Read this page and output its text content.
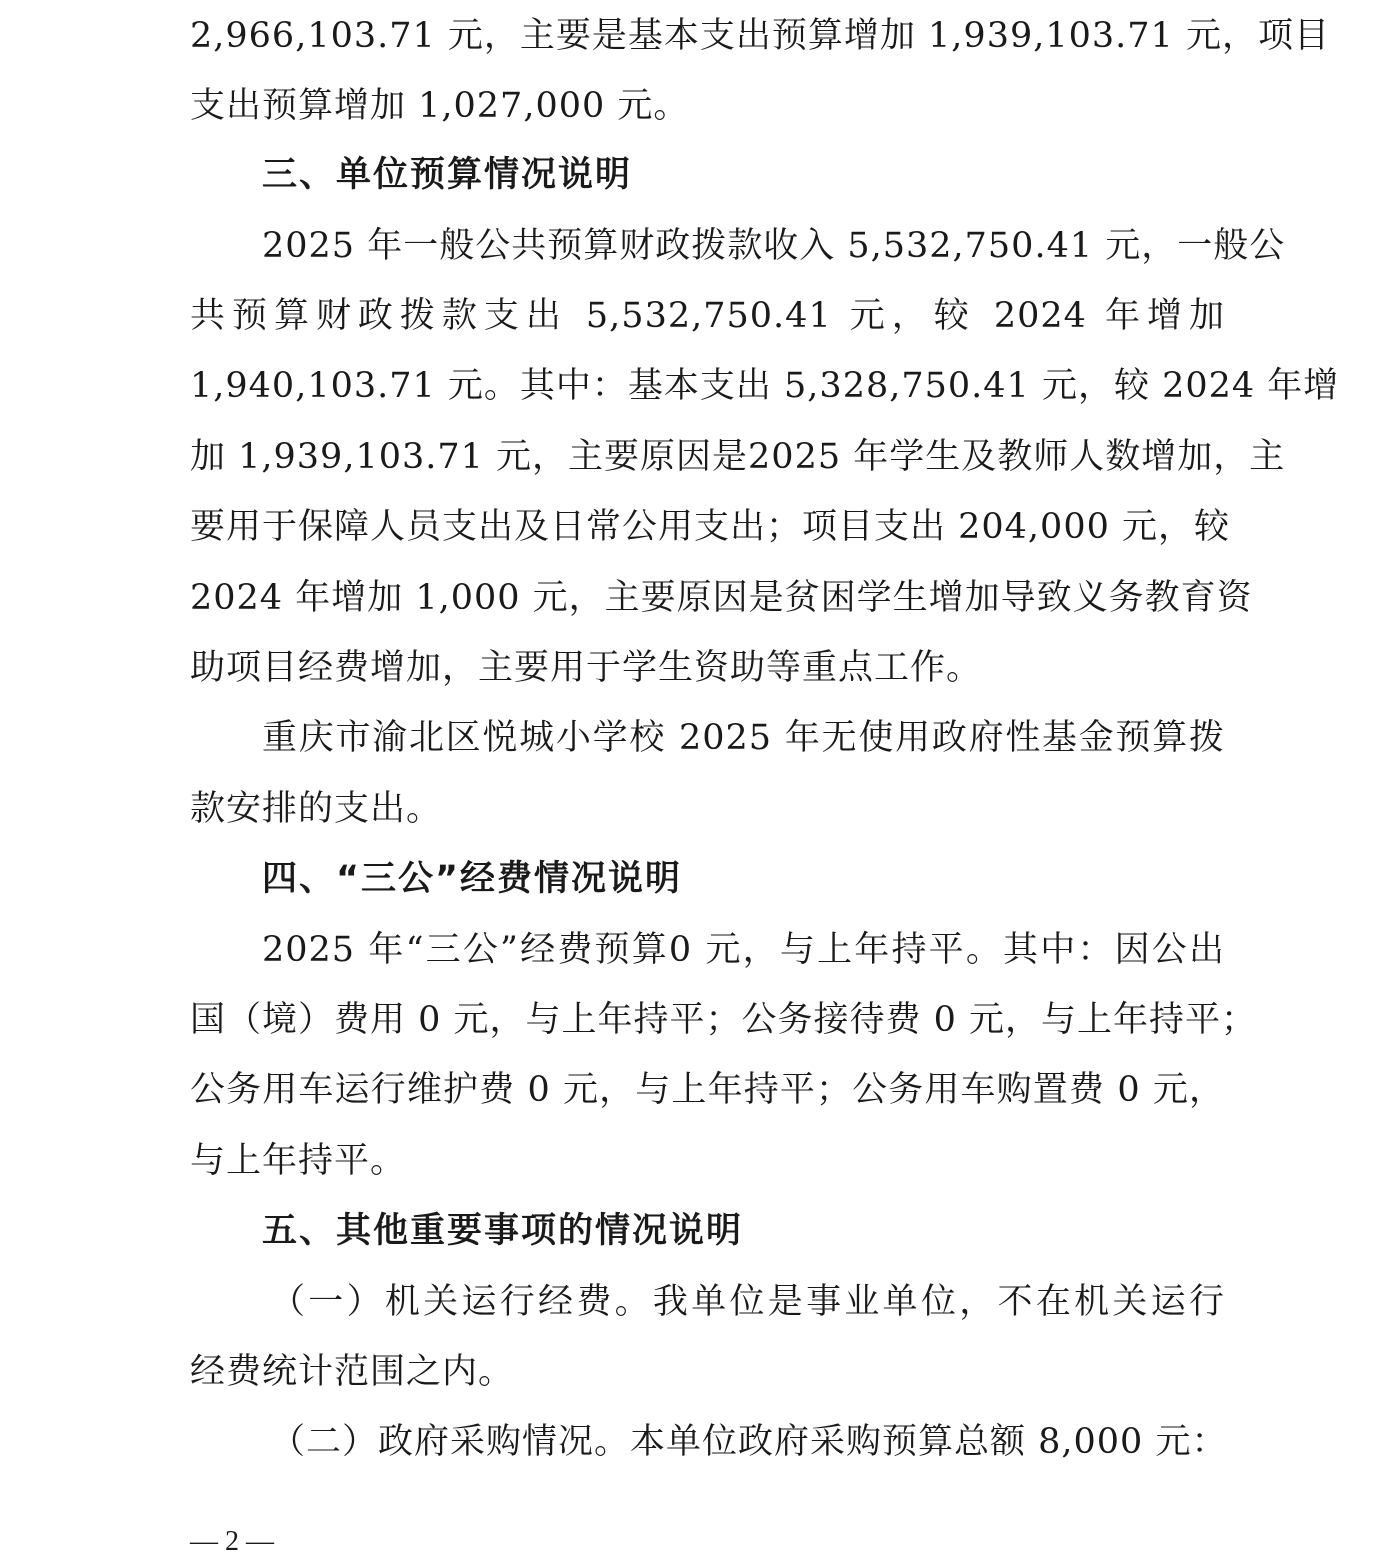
2,966,103.71 元，主要是基本支出预算增加 1,939,103.71 元，项目
支出预算增加 1,027,000 元。
三、单位预算情况说明
2025 年一般公共预算财政拨款收入 5,532,750.41 元，一般公
共预算财政拨款支出 5,532,750.41 元，较 2024 年增加
1,940,103.71 元。其中：基本支出 5,328,750.41 元，较 2024 年增
加 1,939,103.71 元，主要原因是2025 年学生及教师人数增加，主
要用于保障人员支出及日常公用支出；项目支出 204,000 元，较
2024 年增加 1,000 元，主要原因是贫困学生增加导致义务教育资
助项目经费增加，主要用于学生资助等重点工作。
重庆市渝北区悦城小学校 2025 年无使用政府性基金预算拨
款安排的支出。
四、“三公”经费情况说明
2025 年“三公”经费预算0 元，与上年持平。其中：因公出
国（境）费用 0 元，与上年持平；公务接待费 0 元，与上年持平；
公务用车运行维护费 0 元，与上年持平；公务用车购置费 0 元，
与上年持平。
五、其他重要事项的情况说明
（一）机关运行经费。我单位是事业单位，不在机关运行
经费统计范围之内。
（二）政府采购情况。本单位政府采购预算总额 8,000 元：
— 2 —
